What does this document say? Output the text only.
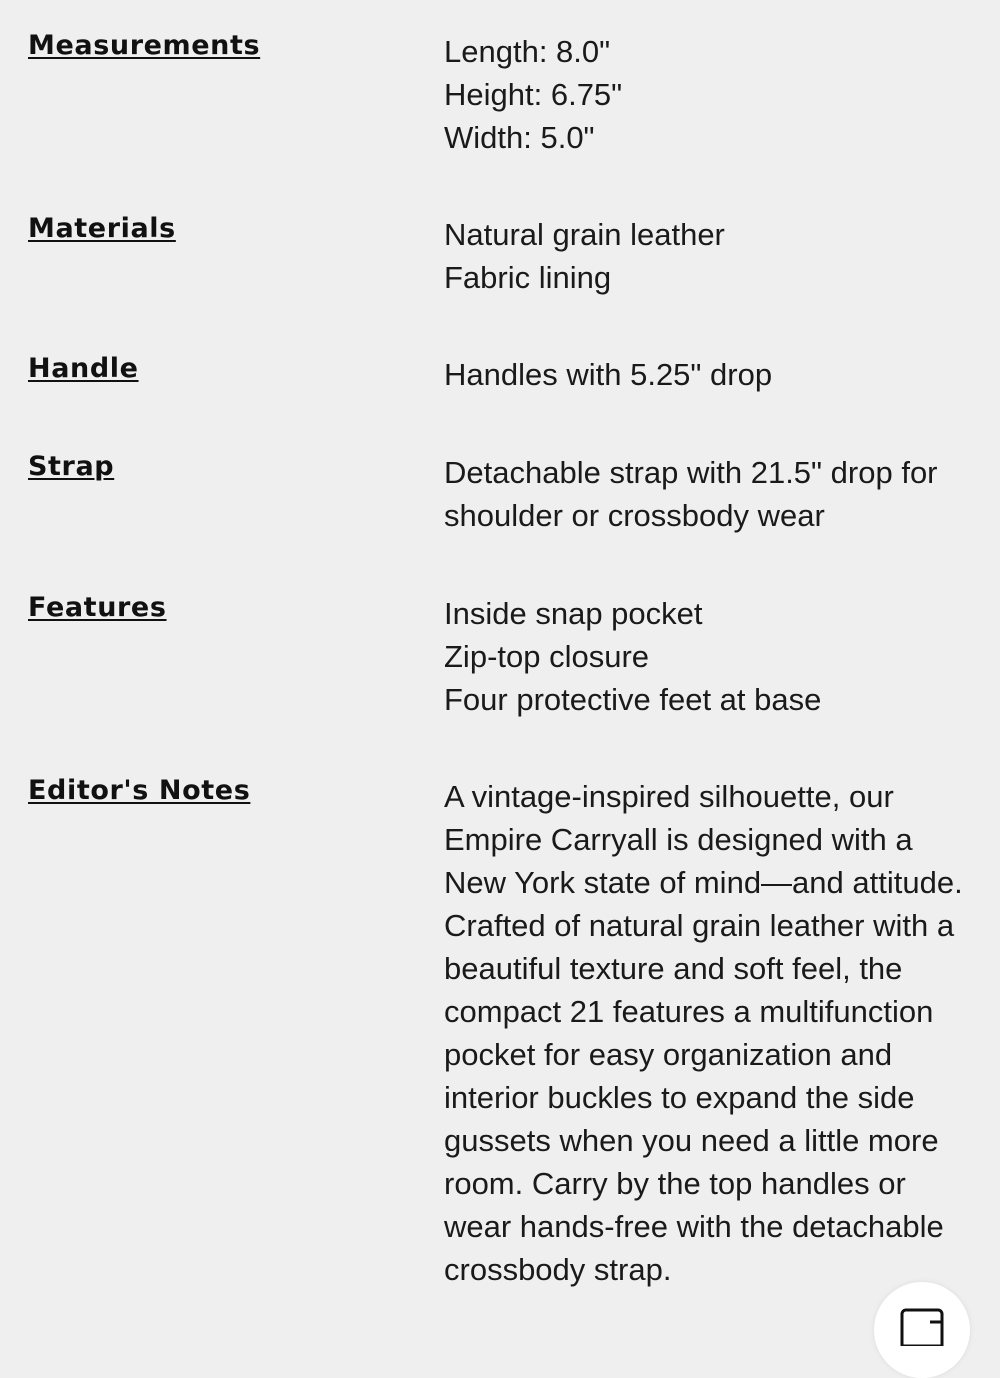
Measurements	Length: 8.0"
Height: 6.75"
Width: 5.0"
Materials	Natural grain leather
Fabric lining
Handle	Handles with 5.25" drop
Strap	Detachable strap with 21.5" drop for
shoulder or crossbody wear
Features	Inside snap pocket
Zip-top closure
Four protective feet at base
Editor's Notes	A vintage-inspired silhouette, our Empire Carryall is designed with a New York state of mind—and attitude. Crafted of natural grain leather with a beautiful texture and soft feel, the compact 21 features a multifunction pocket for easy organization and interior buckles to expand the side gussets when you need a little more room. Carry by the top handles or wear hands-free with the detachable crossbody strap.
